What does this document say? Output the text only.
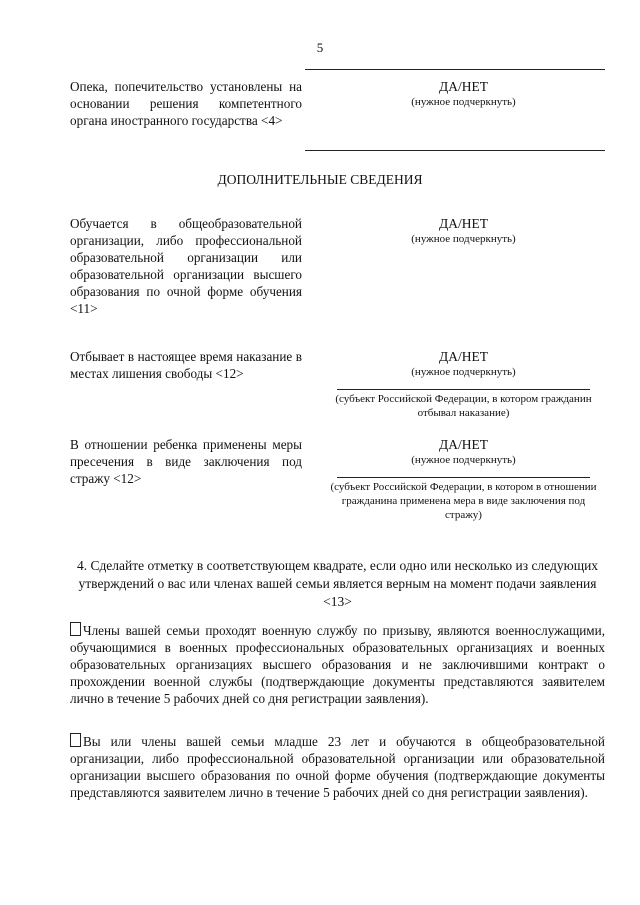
5
Опека, попечительство установлены на основании решения компетентного органа иностранного государства <4>
ДА/НЕТ
(нужное подчеркнуть)
ДОПОЛНИТЕЛЬНЫЕ СВЕДЕНИЯ
Обучается в общеобразовательной организации, либо профессиональной образовательной организации или образовательной организации высшего образования по очной форме обучения <11>
ДА/НЕТ
(нужное подчеркнуть)
Отбывает в настоящее время наказание в местах лишения свободы <12>
ДА/НЕТ
(нужное подчеркнуть)
(субъект Российской Федерации, в котором гражданин отбывал наказание)
В отношении ребенка применены меры пресечения в виде заключения под стражу <12>
ДА/НЕТ
(нужное подчеркнуть)
(субъект Российской Федерации, в котором в отношении гражданина применена мера в виде заключения под стражу)
4. Сделайте отметку в соответствующем квадрате, если одно или несколько из следующих утверждений о вас или членах вашей семьи является верным на момент подачи заявления <13>
Члены вашей семьи проходят военную службу по призыву, являются военнослужащими, обучающимися в военных профессиональных образовательных организациях и военных образовательных организациях высшего образования и не заключившими контракт о прохождении военной службы (подтверждающие документы представляются заявителем лично в течение 5 рабочих дней со дня регистрации заявления).
Вы или члены вашей семьи младше 23 лет и обучаются в общеобразовательной организации, либо профессиональной образовательной организации или образовательной организации высшего образования по очной форме обучения (подтверждающие документы представляются заявителем лично в течение 5 рабочих дней со дня регистрации заявления).
